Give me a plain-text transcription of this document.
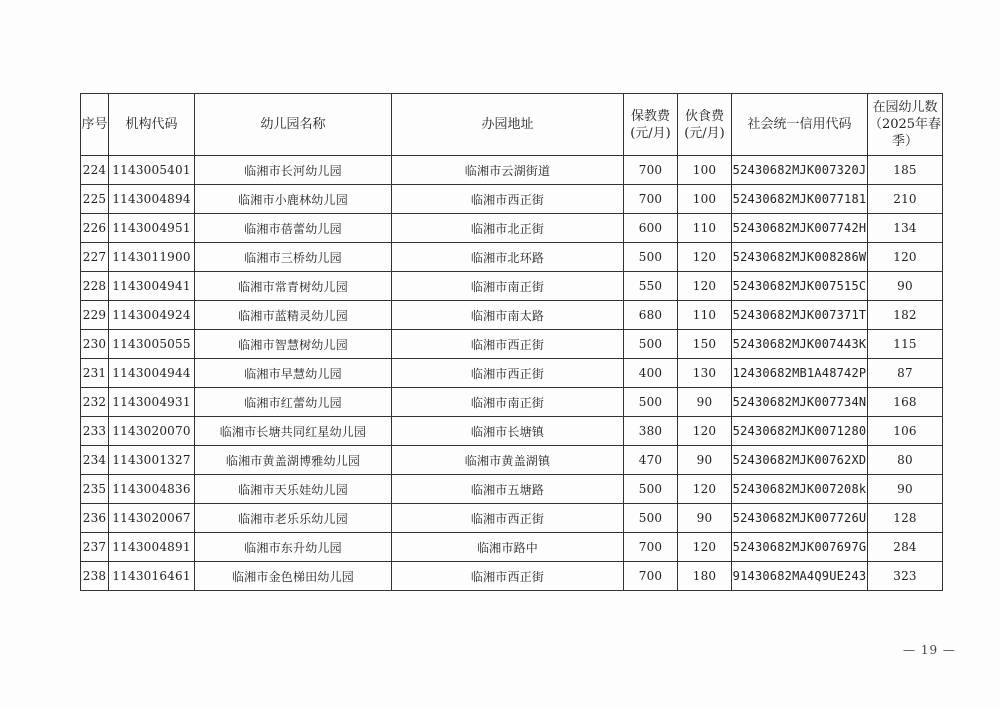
序号	机构代码	幼儿园名称	办园地址	保教费(元/月)	伙食费(元/月)	社会统一信用代码	在园幼儿数（2025年春季）
224	1143005401	临湘市长河幼儿园	临湘市云湖街道	700	100	52430682MJK007320J	185
225	1143004894	临湘市小鹿林幼儿园	临湘市西正街	700	100	52430682MJK0077181	210
226	1143004951	临湘市蓓蕾幼儿园	临湘市北正街	600	110	52430682MJK007742H	134
227	1143011900	临湘市三桥幼儿园	临湘市北环路	500	120	52430682MJK008286W	120
228	1143004941	临湘市常青树幼儿园	临湘市南正街	550	120	52430682MJK007515C	90
229	1143004924	临湘市蓝精灵幼儿园	临湘市南太路	680	110	52430682MJK007371T	182
230	1143005055	临湘市智慧树幼儿园	临湘市西正街	500	150	52430682MJK007443K	115
231	1143004944	临湘市早慧幼儿园	临湘市西正街	400	130	12430682MB1A48742P	87
232	1143004931	临湘市红蕾幼儿园	临湘市南正街	500	90	52430682MJK007734N	168
233	1143020070	临湘市长塘共同红星幼儿园	临湘市长塘镇	380	120	52430682MJK0071280	106
234	1143001327	临湘市黄盖湖博雅幼儿园	临湘市黄盖湖镇	470	90	52430682MJK00762XD	80
235	1143004836	临湘市天乐娃幼儿园	临湘市五塘路	500	120	52430682MJK007208k	90
236	1143020067	临湘市老乐乐幼儿园	临湘市西正街	500	90	52430682MJK007726U	128
237	1143004891	临湘市东升幼儿园	临湘市路中	700	120	52430682MJK007697G	284
238	1143016461	临湘市金色梯田幼儿园	临湘市西正街	700	180	91430682MA4Q9UE243	323
— 19 —
